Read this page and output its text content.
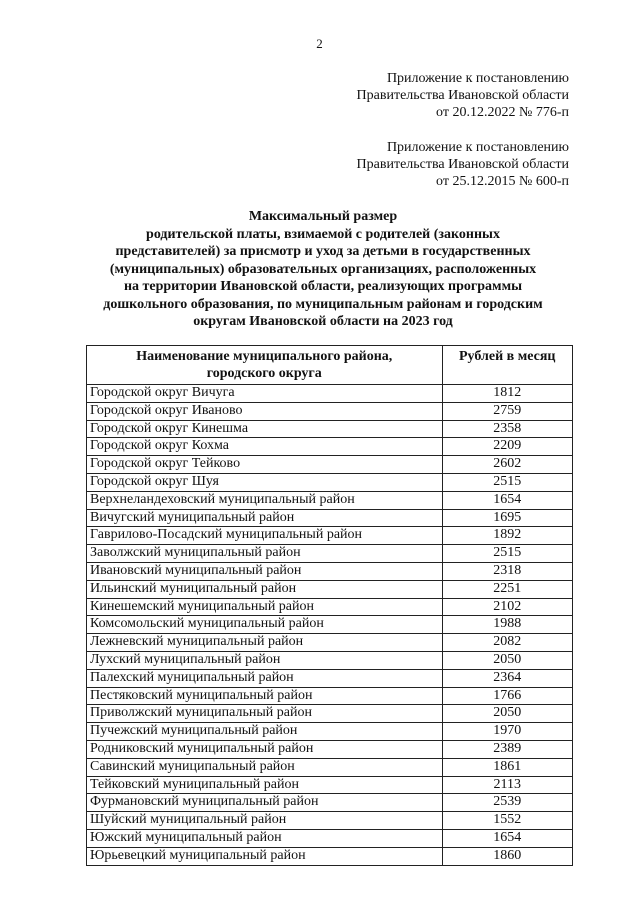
2
Приложение к постановлению
Правительства Ивановской области
от 20.12.2022 № 776-п
Приложение к постановлению
Правительства Ивановской области
от 25.12.2015 № 600-п
Максимальный размер
родительской платы, взимаемой с родителей (законных
представителей) за присмотр и уход за детьми в государственных
(муниципальных) образовательных организациях, расположенных
на территории Ивановской области, реализующих программы
дошкольного образования, по муниципальным районам и городским
округам Ивановской области на 2023 год
Наименование муниципального района,
городского округа	Рублей в месяц
Городской округ Вичуга	1812
Городской округ Иваново	2759
Городской округ Кинешма	2358
Городской округ Кохма	2209
Городской округ Тейково	2602
Городской округ Шуя	2515
Верхнеландеховский муниципальный район	1654
Вичугский муниципальный район	1695
Гаврилово-Посадский муниципальный район	1892
Заволжский муниципальный район	2515
Ивановский муниципальный район	2318
Ильинский муниципальный район	2251
Кинешемский муниципальный район	2102
Комсомольский муниципальный район	1988
Лежневский муниципальный район	2082
Лухский муниципальный район	2050
Палехский муниципальный район	2364
Пестяковский муниципальный район	1766
Приволжский муниципальный район	2050
Пучежский муниципальный район	1970
Родниковский муниципальный район	2389
Савинский муниципальный район	1861
Тейковский муниципальный район	2113
Фурмановский муниципальный район	2539
Шуйский муниципальный район	1552
Южский муниципальный район	1654
Юрьевецкий муниципальный район	1860
